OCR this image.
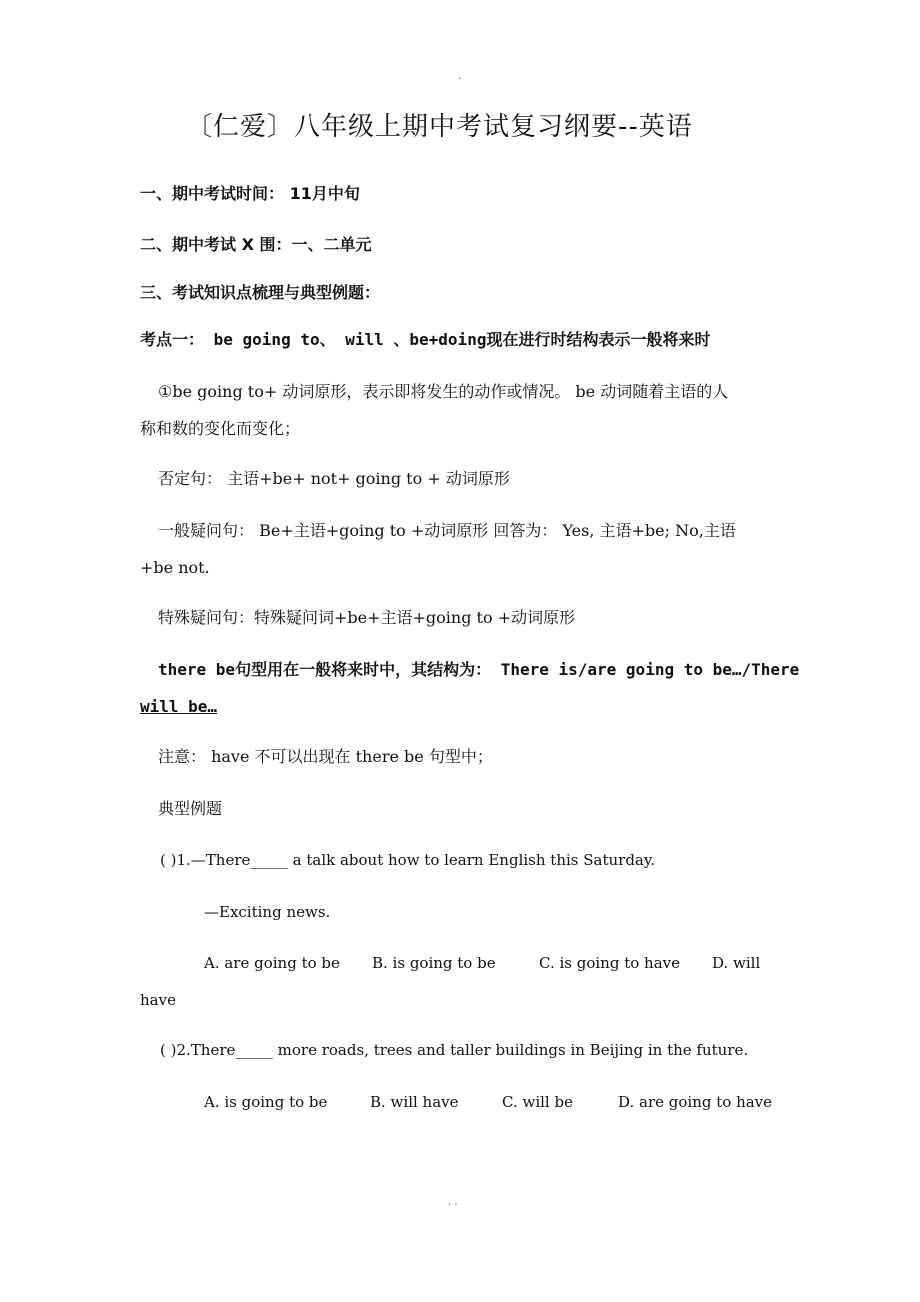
.
〔仁爱〕八年级上期中考试复习纲要--英语
一、期中考试时间： 11月中旬
二、期中考试 X 围：一、二单元
三、考试知识点梳理与典型例题：
考点一： be going to、 will 、be+doing现在进行时结构表示一般将来时
①be going to+ 动词原形，表示即将发生的动作或情况。 be 动词随着主语的人
称和数的变化而变化；
否定句： 主语+be+ not+ going to + 动词原形
一般疑问句： Be+主语+going to +动词原形 回答为： Yes, 主语+be; No,主语
+be not.
特殊疑问句：特殊疑问词+be+主语+going to +动词原形
there be句型用在一般将来时中，其结构为： There is/are going to be…/There
will be…
注意： have 不可以出现在 there be 句型中；
典型例题
( )1.—There_____ a talk about how to learn English this Saturday.
—Exciting news.
A. are going to be B. is going to be	C. is going to have D. will
have
( )2.There_____ more roads, trees and taller buildings in Beijing in the future.
A. is going to be	B. will have	C. will be	D. are going to have
. .
